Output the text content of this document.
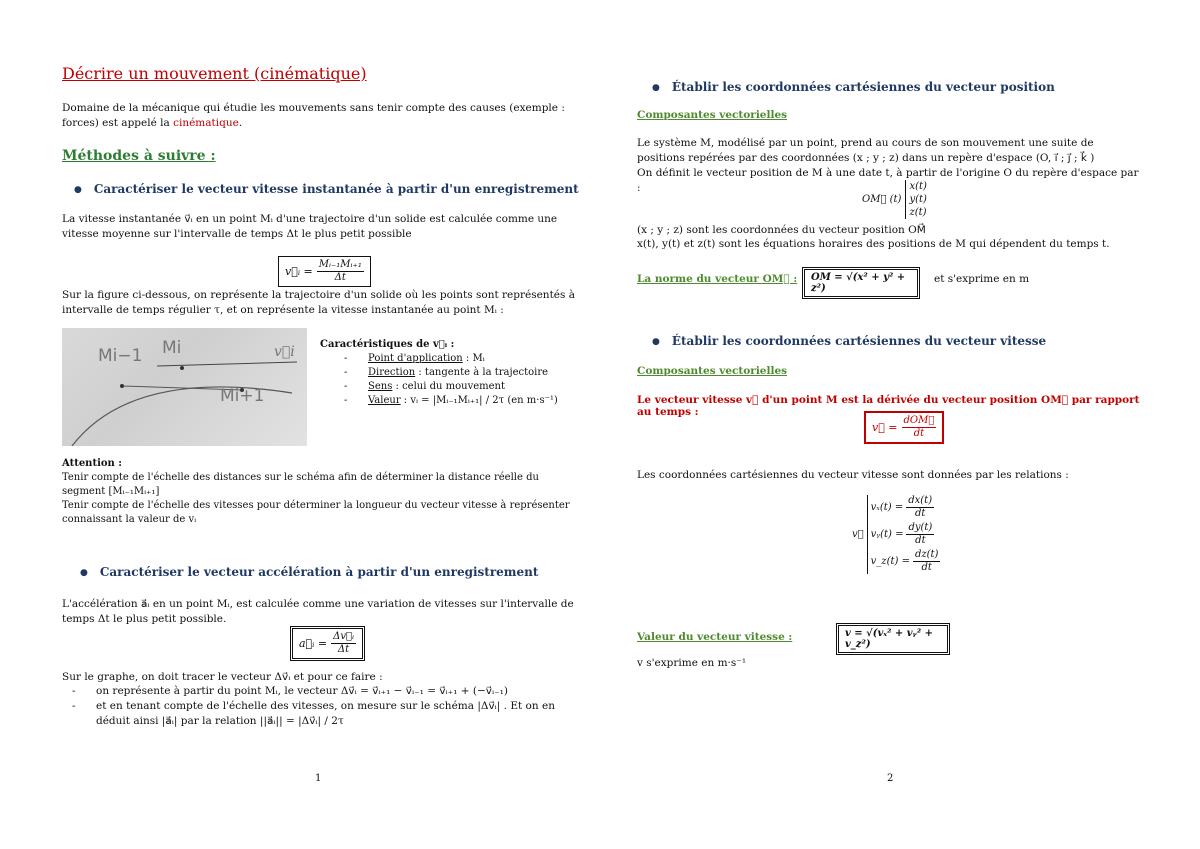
Décrire un mouvement (cinématique)
Domaine de la mécanique qui étudie les mouvements sans tenir compte des causes (exemple : forces) est appelé la cinématique.
Méthodes à suivre :
● Caractériser le vecteur vitesse instantanée à partir d'un enregistrement
La vitesse instantanée v⃗ᵢ en un point Mᵢ d'une trajectoire d'un solide est calculée comme une vitesse moyenne sur l'intervalle de temps Δt le plus petit possible
v⃗ᵢ = $\frac{\text{Mᵢ₋₁Mᵢ₊₁}}{\Delta t}$
Sur la figure ci-dessous, on représente la trajectoire d'un solide où les points sont représentés à intervalle de temps régulier τ, et on représente la vitesse instantanée au point Mᵢ :
Mi−1 Mi	v⃗i
Mi+1
Caractéristiques de v⃗ᵢ :
- Point d'application : Mᵢ
- Direction : tangente à la trajectoire
- Sens : celui du mouvement
- Valeur : vᵢ = |Mᵢ₋₁Mᵢ₊₁| / 2τ (en m·s⁻¹)
Attention :
Tenir compte de l'échelle des distances sur le schéma afin de déterminer la distance réelle du segment [Mᵢ₋₁Mᵢ₊₁]
Tenir compte de l'échelle des vitesses pour déterminer la longueur du vecteur vitesse à représenter connaissant la valeur de vᵢ
● Caractériser le vecteur accélération à partir d'un enregistrement
L'accélération a⃗ᵢ en un point Mᵢ, est calculée comme une variation de vitesses sur l'intervalle de temps Δt le plus petit possible.
a⃗ᵢ = $\frac{\text{Δv⃗ᵢ}}{\Delta t}$
Sur le graphe, on doit tracer le vecteur Δv⃗ᵢ et pour ce faire :
- on représente à partir du point Mᵢ, le vecteur Δv⃗ᵢ = v⃗ᵢ₊₁ − v⃗ᵢ₋₁ = v⃗ᵢ₊₁ + (−v⃗ᵢ₋₁)
- et en tenant compte de l'échelle des vitesses, on mesure sur le schéma |Δv⃗ᵢ| . Et on en déduit ainsi |a⃗ᵢ| par la relation ||a⃗ᵢ|| = |Δv⃗ᵢ| / 2τ
1
● Établir les coordonnées cartésiennes du vecteur position
Composantes vectorielles
Le système M, modélisé par un point, prend au cours de son mouvement une suite de positions repérées par des coordonnées (x ; y ; z) dans un repère d'espace (O, i⃗ ; j⃗ ; k⃗ )
On définit le vecteur position de M à une date t, à partir de l'origine O du repère d'espace par :
OM⃗ (t)
x(t)
y(t)
z(t)
(x ; y ; z) sont les coordonnées du vecteur position OM⃗
x(t), y(t) et z(t) sont les équations horaires des positions de M qui dépendent du temps t.
La norme du vecteur OM⃗ :	OM = √(x² + y² + z²)
et s'exprime en m
● Établir les coordonnées cartésiennes du vecteur vitesse
Composantes vectorielles
Le vecteur vitesse v⃗ d'un point M est la dérivée du vecteur position OM⃗ par rapport au temps :
v⃗ = $\frac{\text{dOM⃗}}{dt}$
Les coordonnées cartésiennes du vecteur vitesse sont données par les relations :
v⃗
$v_x(t) = \frac{dx(t)}{dt}$
vᵧ(t) = $\frac{dy(t)}{dt}$
v_z(t) = $\frac{dz(t)}{dt}$
Valeur du vecteur vitesse :	v = √(vₓ² + vᵧ² + v_z²)
v s'exprime en m·s⁻¹
2
